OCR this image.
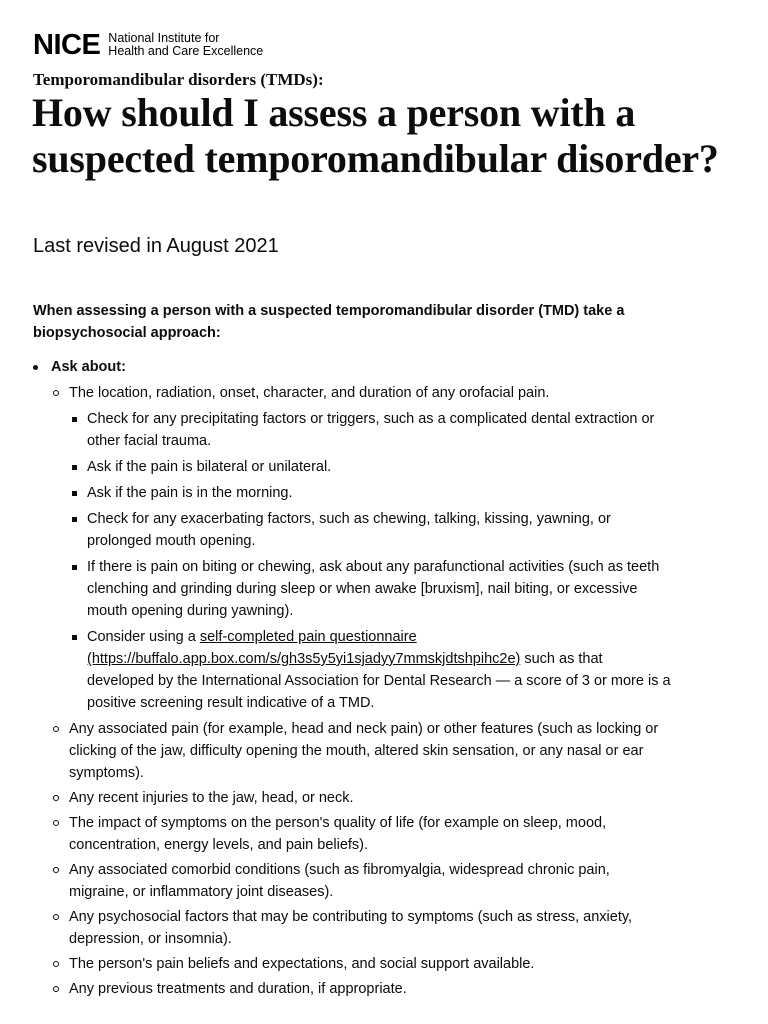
NICE National Institute for
Health and Care Excellence
Temporomandibular disorders (TMDs):
How should I assess a person with a suspected temporomandibular disorder?
Last revised in August 2021

When assessing a person with a suspected temporomandibular disorder (TMD) take a biopsychosocial approach:

Ask about:
The location, radiation, onset, character, and duration of any orofacial pain.
Check for any precipitating factors or triggers, such as a complicated dental extraction or other facial trauma.
Ask if the pain is bilateral or unilateral.
Ask if the pain is in the morning.
Check for any exacerbating factors, such as chewing, talking, kissing, yawning, or prolonged mouth opening.
If there is pain on biting or chewing, ask about any parafunctional activities (such as teeth clenching and grinding during sleep or when awake [bruxism], nail biting, or excessive mouth opening during yawning).
Consider using a self-completed pain questionnaire (https://buffalo.app.box.com/s/gh3s5y5yi1sjadyy7mmskjdtshpihc2e) such as that developed by the International Association for Dental Research — a score of 3 or more is a positive screening result indicative of a TMD.
Any associated pain (for example, head and neck pain) or other features (such as locking or clicking of the jaw, difficulty opening the mouth, altered skin sensation, or any nasal or ear symptoms).
Any recent injuries to the jaw, head, or neck.
The impact of symptoms on the person's quality of life (for example on sleep, mood, concentration, energy levels, and pain beliefs).
Any associated comorbid conditions (such as fibromyalgia, widespread chronic pain, migraine, or inflammatory joint diseases).
Any psychosocial factors that may be contributing to symptoms (such as stress, anxiety, depression, or insomnia).
The person's pain beliefs and expectations, and social support available.
Any previous treatments and duration, if appropriate.
